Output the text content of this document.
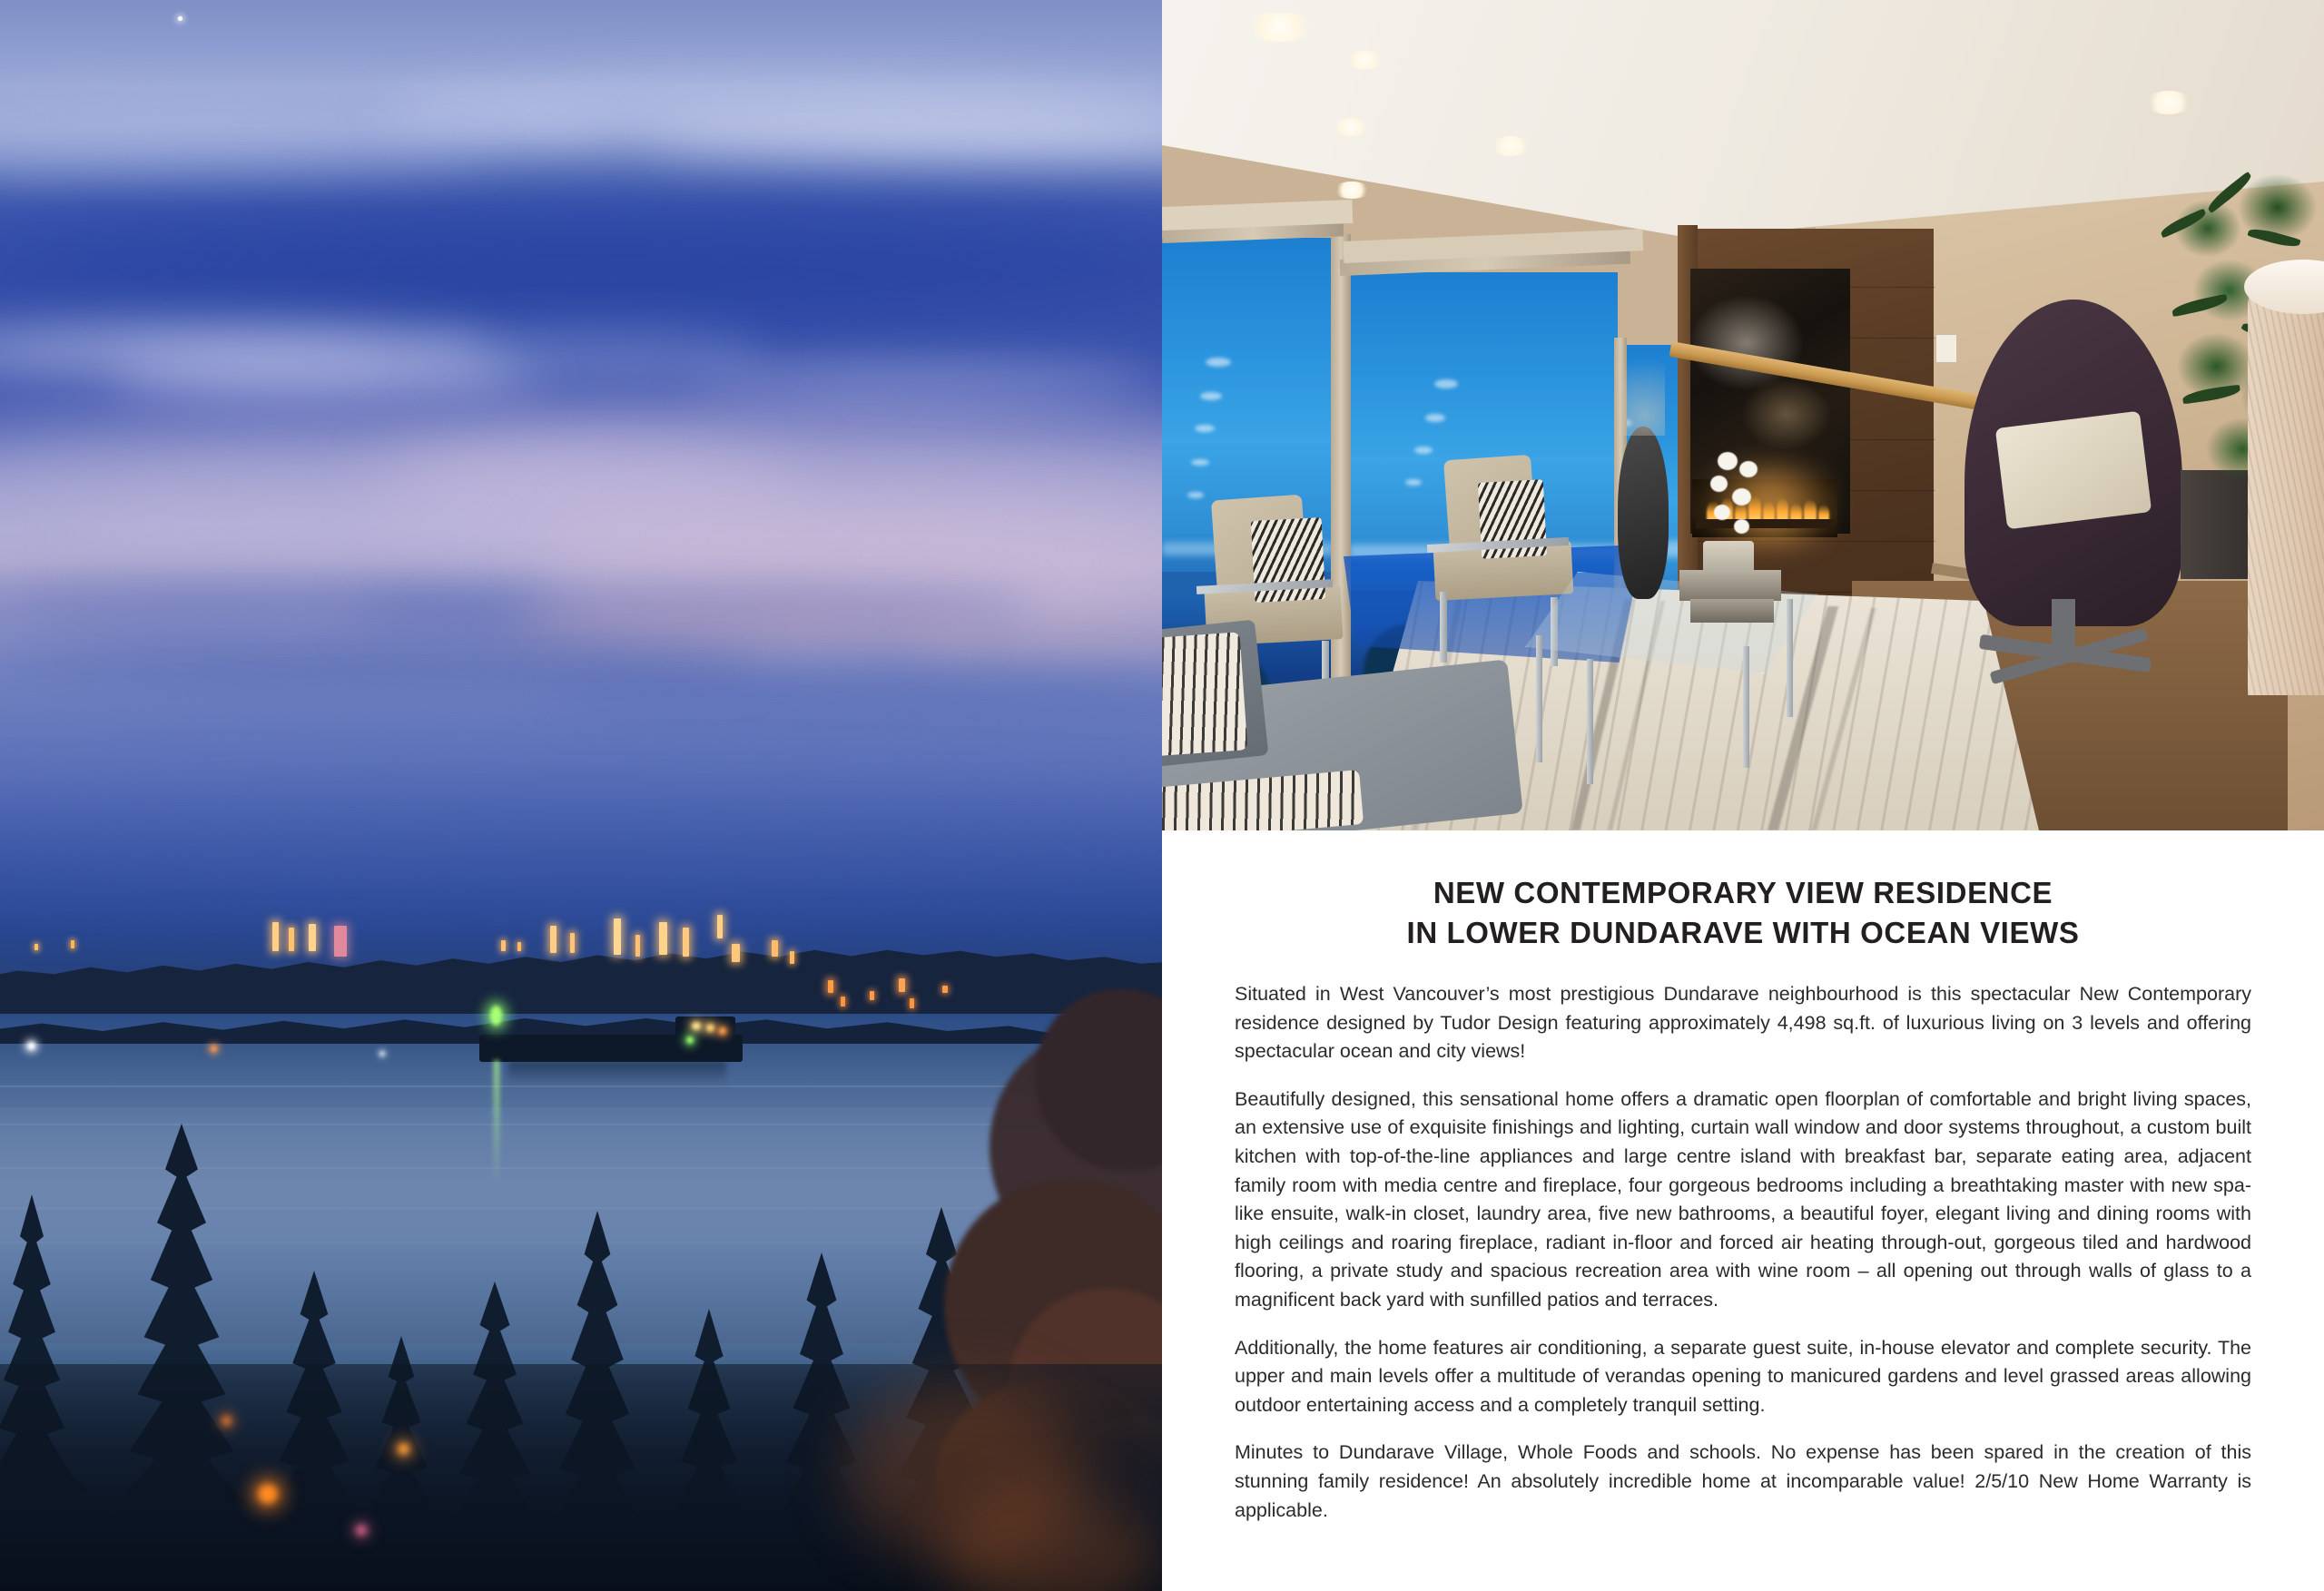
NEW CONTEMPORARY VIEW RESIDENCE
IN LOWER DUNDARAVE WITH OCEAN VIEWS

Situated in West Vancouver’s most prestigious Dundarave neighbourhood is this spectacular New Contemporary residence designed by Tudor Design featuring approximately 4,498 sq.ft. of luxurious living on 3 levels and offering spectacular ocean and city views!

Beautifully designed, this sensational home offers a dramatic open floorplan of comfortable and bright living spaces, an extensive use of exquisite finishings and lighting, curtain wall window and door systems throughout, a custom built kitchen with top-of-the-line appliances and large centre island with breakfast bar, separate eating area, adjacent family room with media centre and fireplace, four gorgeous bedrooms including a breathtaking master with new spa-like ensuite, walk-in closet, laundry area, five new bathrooms, a beautiful foyer, elegant living and dining rooms with high ceilings and roaring fireplace, radiant in-floor and forced air heating through-out, gorgeous tiled and hardwood flooring, a private study and spacious recreation area with wine room – all opening out through walls of glass to a magnificent back yard with sunfilled patios and terraces.

Additionally, the home features air conditioning, a separate guest suite, in-house elevator and complete security. The upper and main levels offer a multitude of verandas opening to manicured gardens and level grassed areas allowing outdoor entertaining access and a completely tranquil setting.

Minutes to Dundarave Village, Whole Foods and schools. No expense has been spared in the creation of this stunning family residence! An absolutely incredible home at incomparable value! 2/5/10 New Home Warranty is applicable.
